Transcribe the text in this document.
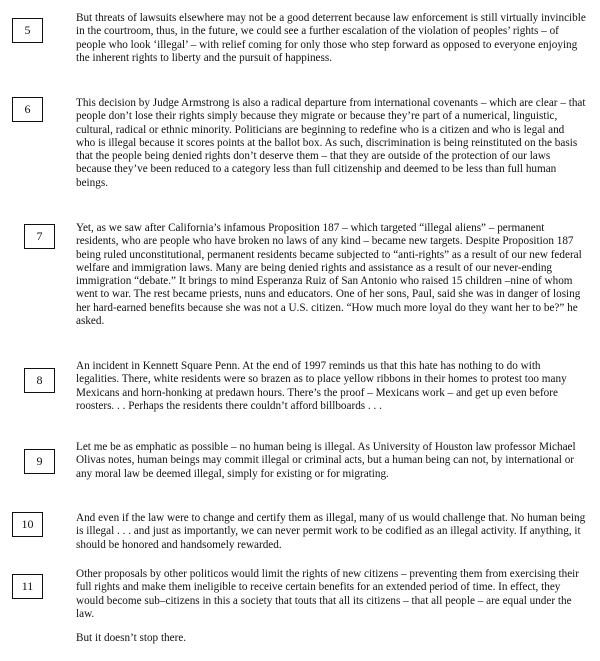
5

But threats of lawsuits elsewhere may not be a good deterrent because law enforcement is still virtually invincible in the courtroom, thus, in the future, we could see a further escalation of the violation of peoples’ rights – of people who look ‘illegal’ – with relief coming for only those who step forward as opposed to everyone enjoying the inherent rights to liberty and the pursuit of happiness.

6	This decision by Judge Armstrong is also a radical departure from international covenants – which are clear – that people don’t lose their rights simply because they migrate or because they’re part of a numerical, linguistic, cultural, radical or ethnic minority. Politicians are beginning to redefine who is a citizen and who is legal and who is illegal because it scores points at the ballot box. As such, discrimination is being reinstituted on the basis that the people being denied rights don’t deserve them – that they are outside of the protection of our laws because they’ve been reduced to a category less than full citizenship and deemed to be less than full human beings.

7

Yet, as we saw after California’s infamous Proposition 187 – which targeted “illegal aliens” – permanent residents, who are people who have broken no laws of any kind – became new targets. Despite Proposition 187 being ruled unconstitutional, permanent residents became subjected to “anti-rights” as a result of our new federal welfare and immigration laws. Many are being denied rights and assistance as a result of our never-ending immigration “debate.” It brings to mind Esperanza Ruiz of San Antonio who raised 15 children –nine of whom went to war. The rest became priests, nuns and educators. One of her sons, Paul, said she was in danger of losing her hard-earned benefits because she was not a U.S. citizen. “How much more loyal do they want her to be?” he asked.

8

An incident in Kennett Square Penn. At the end of 1997 reminds us that this hate has nothing to do with legalities. There, white residents were so brazen as to place yellow ribbons in their homes to protest too many Mexicans and horn-honking at predawn hours. There’s the proof – Mexicans work – and get up even before roosters. . . Perhaps the residents there couldn’t afford billboards . . .

9

Let me be as emphatic as possible – no human being is illegal. As University of Houston law professor Michael Olivas notes, human beings may commit illegal or criminal acts, but a human being can not, by international or any moral law be deemed illegal, simply for existing or for migrating.

10	And even if the law were to change and certify them as illegal, many of us would challenge that. No human being is illegal . . . and just as importantly, we can never permit work to be codified as an illegal activity. If anything, it should be honored and handsomely rewarded.

11

Other proposals by other politicos would limit the rights of new citizens – preventing them from exercising their full rights and make them ineligible to receive certain benefits for an extended period of time. In effect, they would become sub–citizens in this a society that touts that all its citizens – that all people – are equal under the law.

But it doesn’t stop there.
